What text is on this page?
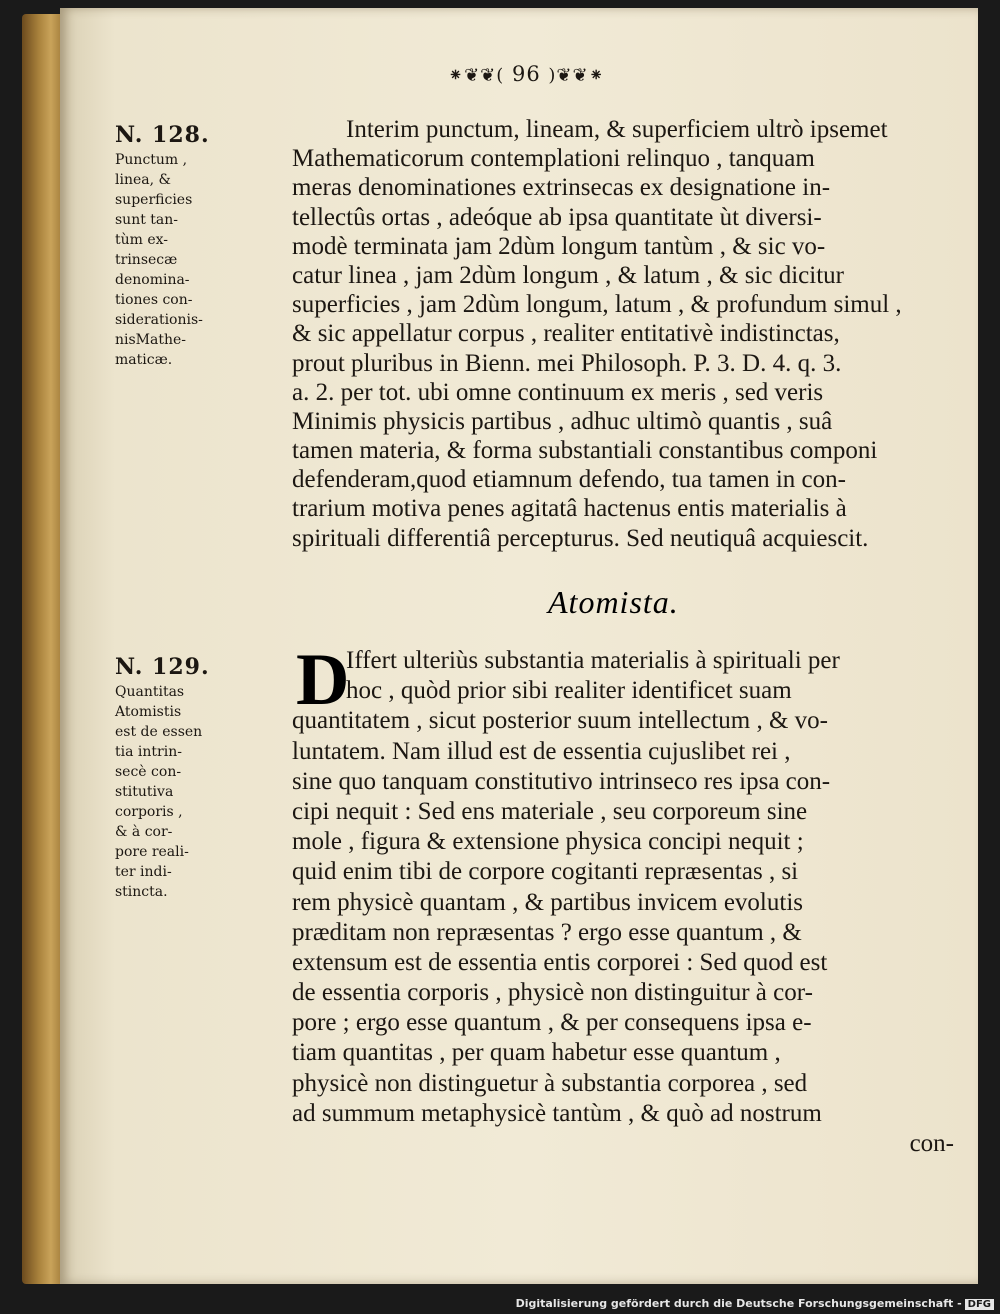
⁕❦❦( 96 )❦❦⁕
N. 128.
Punctum ,
linea, &
superficies
sunt tan-
tùm ex-
trinsecæ
denomina-
tiones con-
siderationis-
nisMathe-
maticæ.
Interim punctum, lineam, & superficiem ultrò ipsemet
Mathematicorum contemplationi relinquo , tanquam
meras denominationes extrinsecas ex designatione in-
tellectûs ortas , adeóque ab ipsa quantitate ùt diversi-
modè terminata jam 2dùm longum tantùm , & sic vo-
catur linea , jam 2dùm longum , & latum , & sic dicitur
superficies , jam 2dùm longum, latum , & profundum simul ,
& sic appellatur corpus , realiter entitativè indistinctas,
prout pluribus in Bienn. mei Philosoph. P. 3. D. 4. q. 3.
a. 2. per tot. ubi omne continuum ex meris , sed veris
Minimis physicis partibus , adhuc ultimò quantis , suâ
tamen materia, & forma substantiali constantibus componi
defenderam,quod etiamnum defendo, tua tamen in con-
trarium motiva penes agitatâ hactenus entis materialis à
spirituali differentiâ percepturus. Sed neutiquâ acquiescit.
Atomista.
N. 129.
Quantitas
Atomistis
est de essen
tia intrin-
secè con-
stitutiva
corporis ,
& à cor-
pore reali-
ter indi-
stincta.
D
Iffert ulteriùs substantia materialis à spirituali per
hoc , quòd prior sibi realiter identificet suam
quantitatem , sicut posterior suum intellectum , & vo-
luntatem. Nam illud est de essentia cujuslibet rei ,
sine quo tanquam constitutivo intrinseco res ipsa con-
cipi nequit : Sed ens materiale , seu corporeum sine
mole , figura & extensione physica concipi nequit ;
quid enim tibi de corpore cogitanti repræsentas , si
rem physicè quantam , & partibus invicem evolutis
præditam non repræsentas ? ergo esse quantum , &
extensum est de essentia entis corporei : Sed quod est
de essentia corporis , physicè non distinguitur à cor-
pore ; ergo esse quantum , & per consequens ipsa e-
tiam quantitas , per quam habetur esse quantum ,
physicè non distinguetur à substantia corporea , sed
ad summum metaphysicè tantùm , & quò ad nostrum
con-
Digitalisierung gefördert durch die Deutsche Forschungsgemeinschaft - DFG
